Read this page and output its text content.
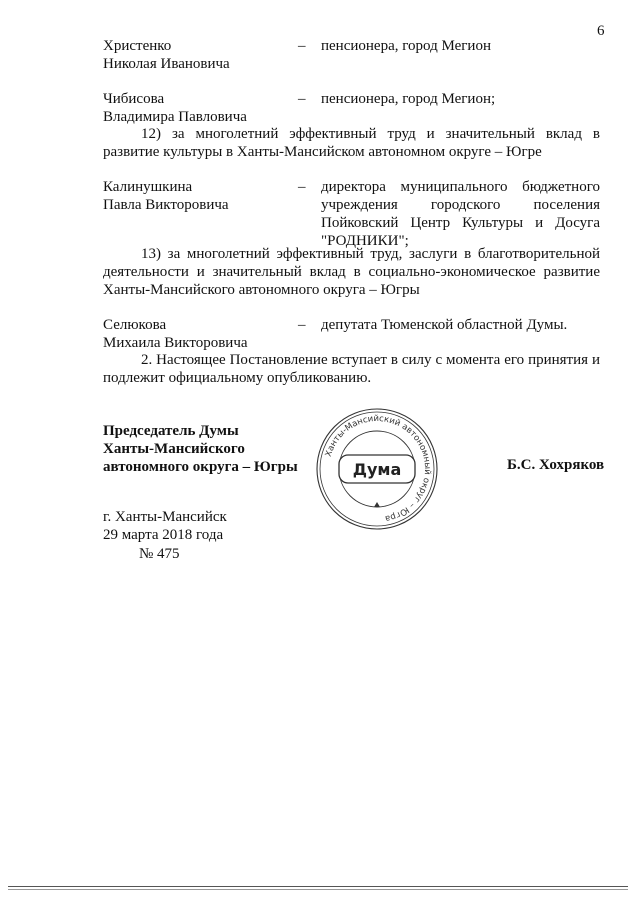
6
Христенко
Николая Ивановича
– пенсионера, город Мегион
Чибисова
Владимира Павловича
– пенсионера, город Мегион;
12) за многолетний эффективный труд и значительный вклад в развитие культуры в Ханты-Мансийском автономном округе – Югре
Калинушкина
Павла Викторовича
– директора муниципального бюджетного учреждения городского поселения Пойковский Центр Культуры и Досуга "РОДНИКИ";
13) за многолетний эффективный труд, заслуги в благотворительной деятельности и значительный вклад в социально-экономическое развитие Ханты-Мансийского автономного округа – Югры
Селюкова
Михаила Викторовича
– депутата Тюменской областной Думы.
2. Настоящее Постановление вступает в силу с момента его принятия и подлежит официальному опубликованию.
Председатель Думы
Ханты-Мансийского
автономного округа – Югры	Б.С. Хохряков
Ханты-Мансийский автономный округ – Югра
Дума
г. Ханты-Мансийск
29 марта 2018 года
№ 475
